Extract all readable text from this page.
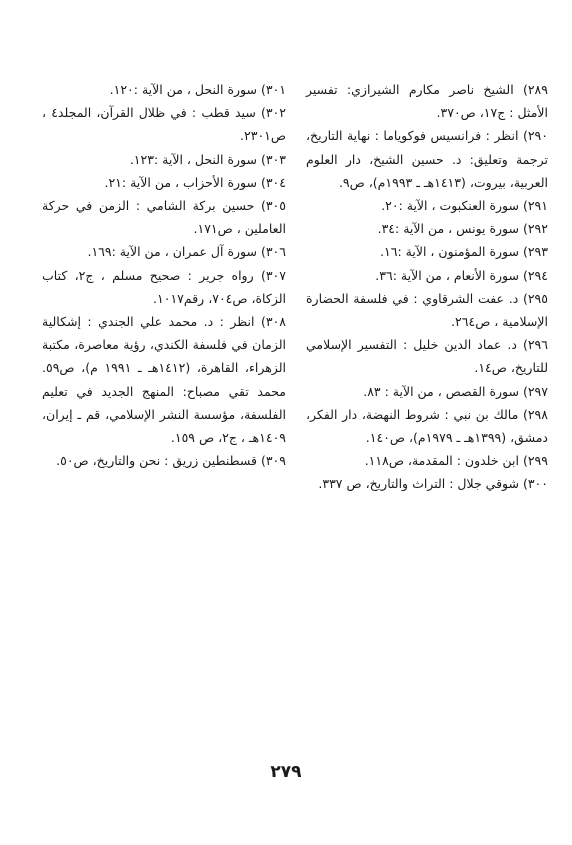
٢٨٩) الشيخ ناصر مكارم الشيرازي: تفسير الأمثل : ج١٧، ص٣٧٠.

٢٩٠) انظر : فرانسيس فوكوياما : نهاية التاريخ، ترجمة وتعليق: د. حسين الشيخ، دار العلوم العربية، بيروت، (١٤١٣هـ ـ ١٩٩٣م)، ص٩.

٢٩١) سورة العنكبوت ، الآية :٢٠.

٢٩٢) سورة يونس ، من الآية :٣٤.

٢٩٣) سورة المؤمنون ، الآية :١٦.

٢٩٤) سورة الأنعام ، من الآية :٣٦.

٢٩٥) د. عفت الشرقاوي : في فلسفة الحضارة الإسلامية ، ص٢٦٤.

٢٩٦) د. عماد الدين خليل : التفسير الإسلامي للتاريخ، ص١٤.

٢٩٧) سورة القصص ، من الآية : ٨٣.

٢٩٨) مالك بن نبي : شروط النهضة، دار الفكر، دمشق، (١٣٩٩هـ ـ ١٩٧٩م)، ص١٤٠.

٢٩٩) ابن خلدون : المقدمة، ص١١٨.

٣٠٠) شوقي جلال : التراث والتاريخ، ص ٣٣٧.

٣٠١) سورة النحل ، من الآية :١٢٠.

٣٠٢) سيد قطب : في ظلال القرآن، المجلد٤ ، ص٢٣٠١.

٣٠٣) سورة النحل ، الآية :١٢٣.

٣٠٤) سورة الأحزاب ، من الآية :٢١.

٣٠٥) حسين بركة الشامي : الزمن في حركة العاملين ، ص١٧١.

٣٠٦) سورة آل عمران ، من الآية :١٦٩.

٣٠٧) رواه جرير : صحيح مسلم ، ج٢، كتاب الزكاة، ص٧٠٤، رقم١٠١٧.

٣٠٨) انظر : د. محمد علي الجندي : إشكالية الزمان في فلسفة الكندي، رؤية معاصرة، مكتبة الزهراء، القاهرة، (١٤١٢هـ ـ ١٩٩١ م)، ص٥٩. محمد تقي مصباح: المنهج الجديد في تعليم الفلسفة، مؤسسة النشر الإسلامي، قم ـ إيران، ١٤٠٩هـ ، ج٢، ص ١٥٩.

٣٠٩) قسطنطين زريق : نحن والتاريخ، ص٥٠.

٢٧٩
